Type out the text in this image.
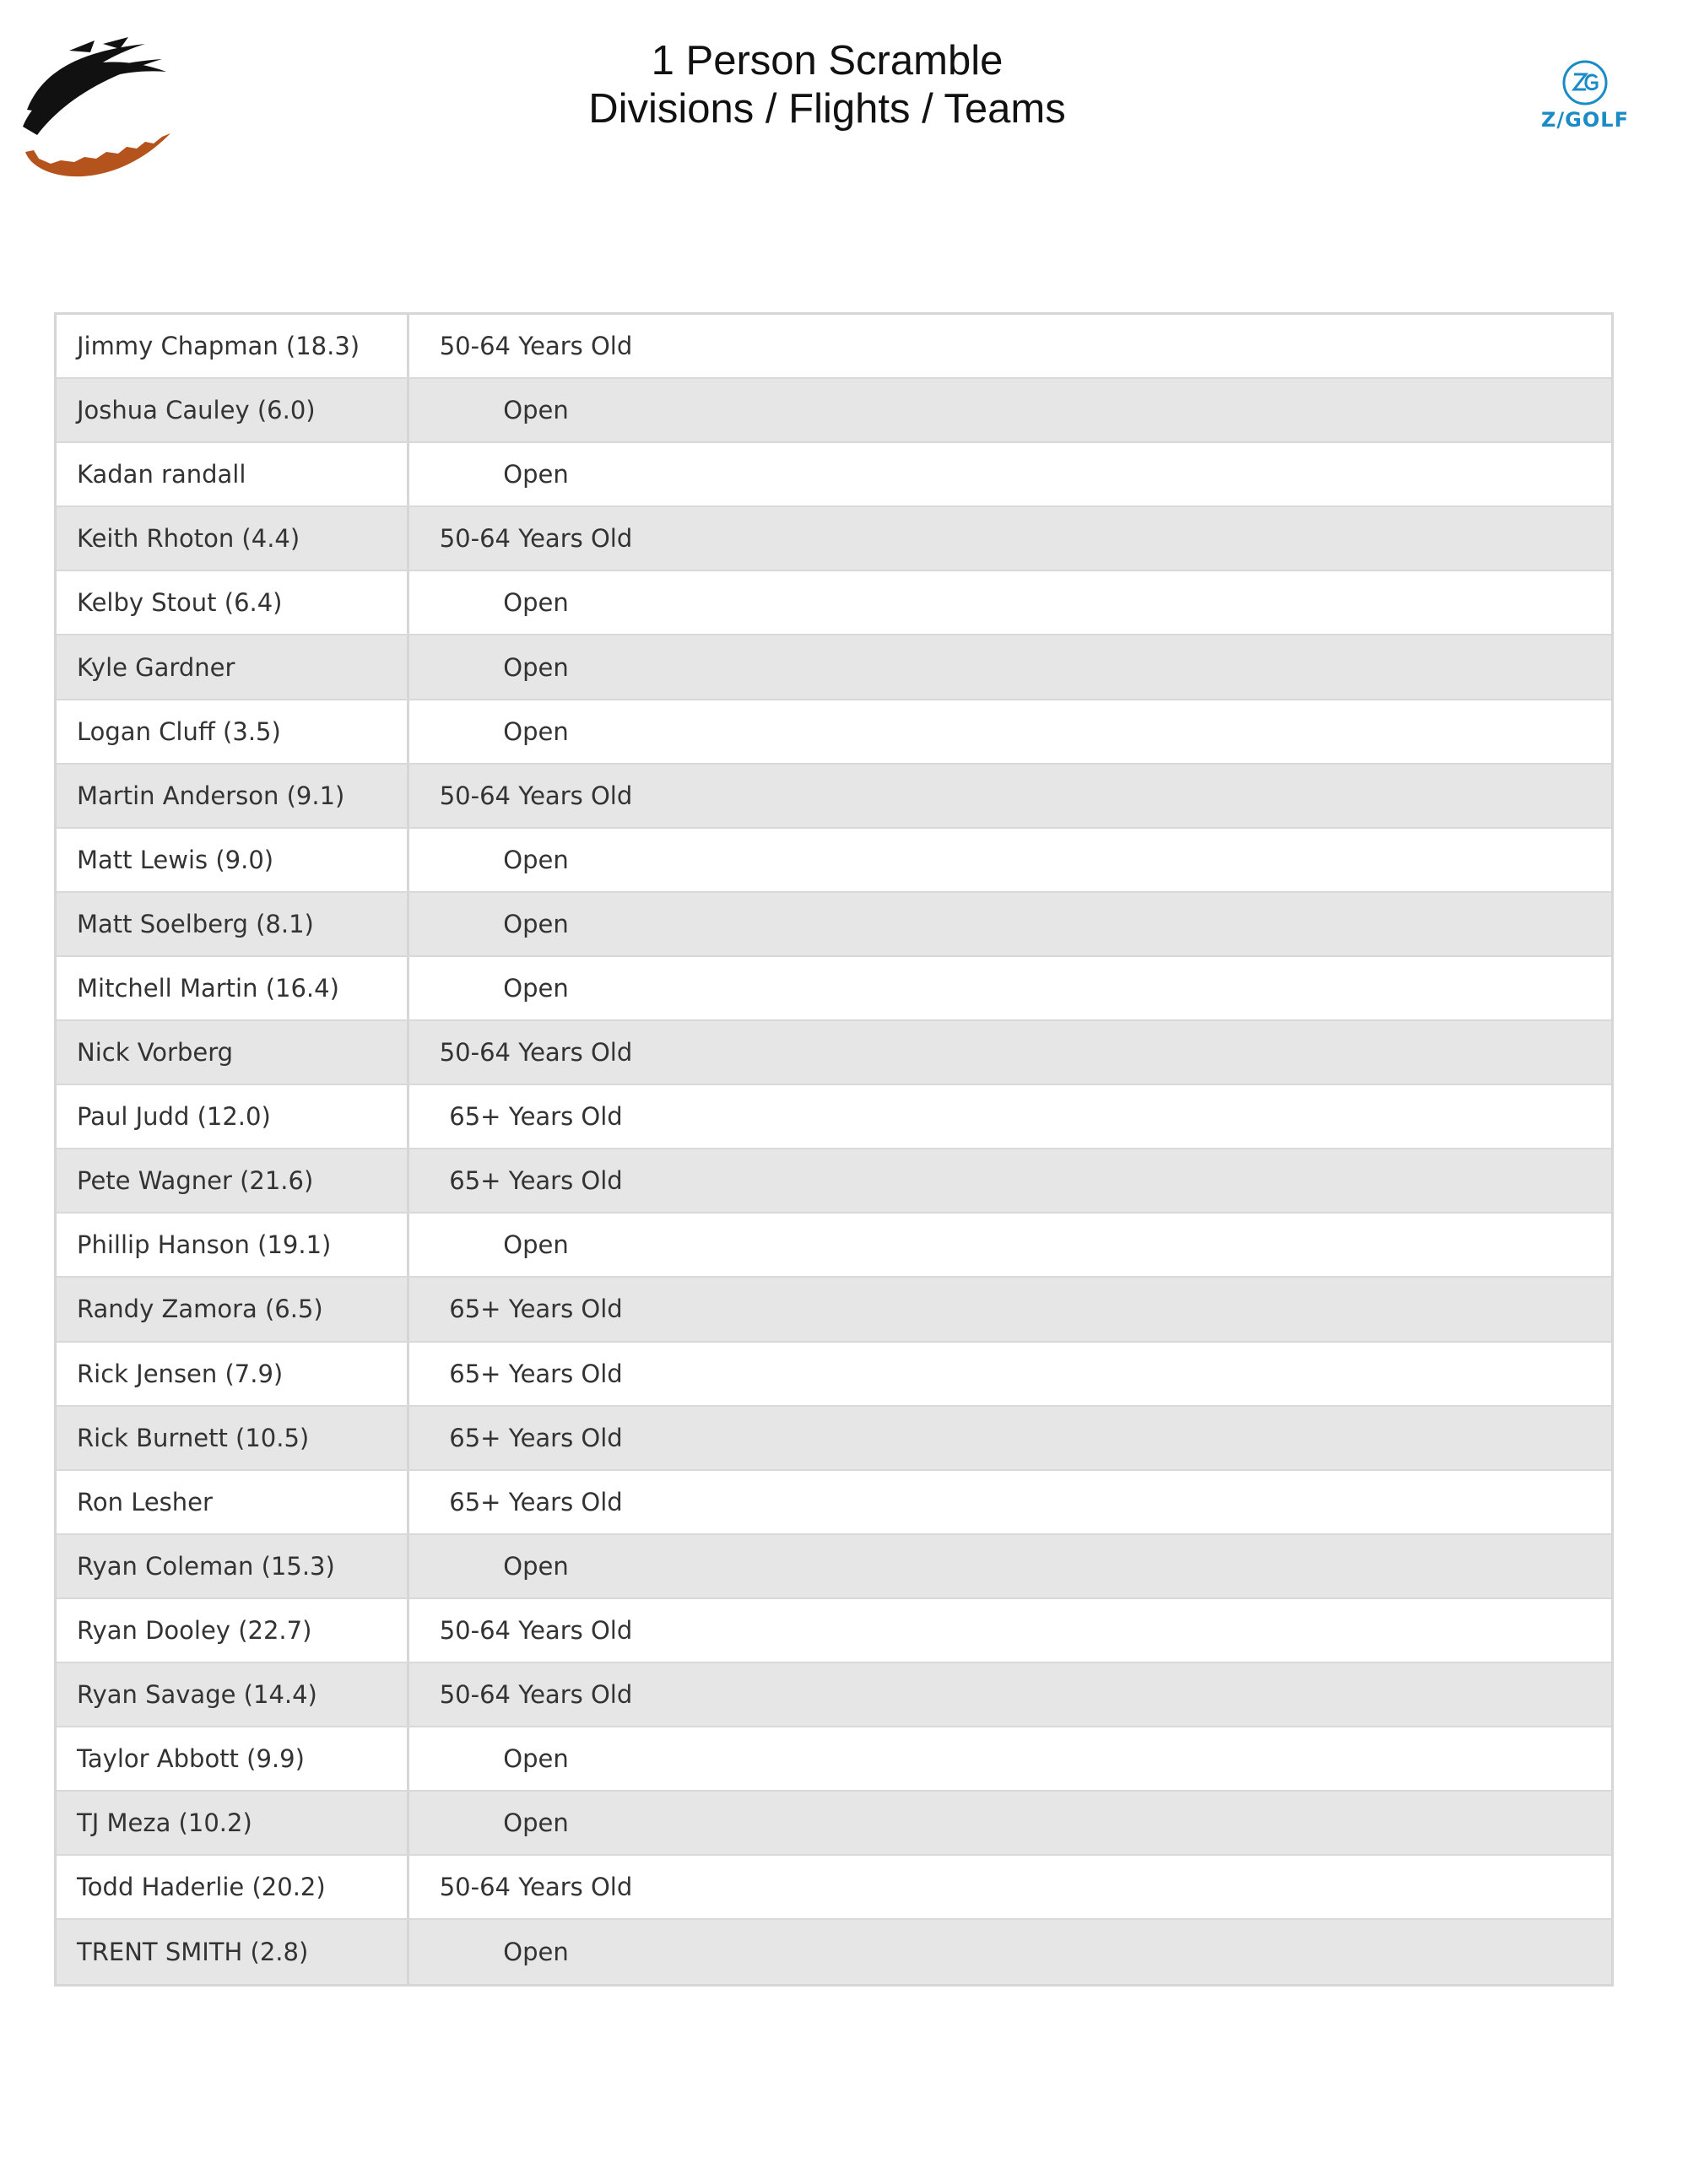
1 Person Scramble
Divisions / Flights / Teams	Z/GOLF
Jimmy Chapman (18.3)	50-64 Years Old
Joshua Cauley (6.0)	Open
Kadan randall	Open
Keith Rhoton (4.4)	50-64 Years Old
Kelby Stout (6.4)	Open
Kyle Gardner	Open
Logan Cluff (3.5)	Open
Martin Anderson (9.1)	50-64 Years Old
Matt Lewis (9.0)	Open
Matt Soelberg (8.1)	Open
Mitchell Martin (16.4)	Open
Nick Vorberg	50-64 Years Old
Paul Judd (12.0)	65+ Years Old
Pete Wagner (21.6)	65+ Years Old
Phillip Hanson (19.1)	Open
Randy Zamora (6.5)	65+ Years Old
Rick Jensen (7.9)	65+ Years Old
Rick Burnett (10.5)	65+ Years Old
Ron Lesher	65+ Years Old
Ryan Coleman (15.3)	Open
Ryan Dooley (22.7)	50-64 Years Old
Ryan Savage (14.4)	50-64 Years Old
Taylor Abbott (9.9)	Open
TJ Meza (10.2)	Open
Todd Haderlie (20.2)	50-64 Years Old
TRENT SMITH (2.8)	Open
